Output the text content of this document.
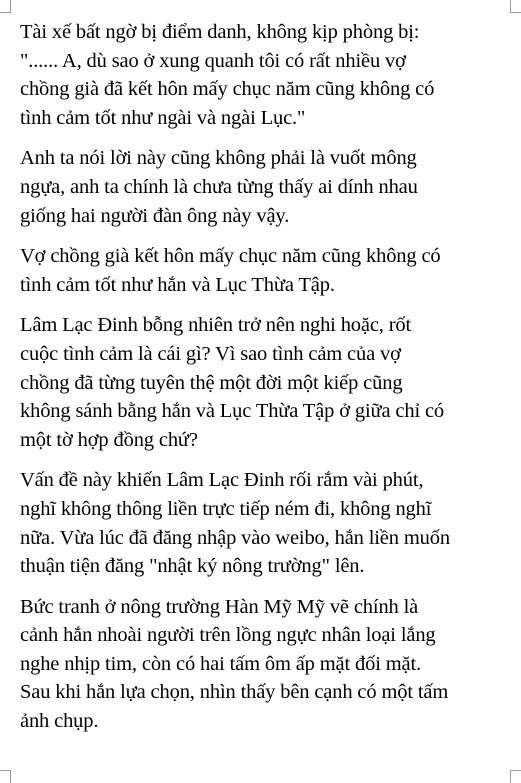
Tài xế bất ngờ bị điểm danh, không kịp phòng bị:
"...... A, dù sao ở xung quanh tôi có rất nhiều vợ
chồng già đã kết hôn mấy chục năm cũng không có
tình cảm tốt như ngài và ngài Lục."

Anh ta nói lời này cũng không phải là vuốt mông
ngựa, anh ta chính là chưa từng thấy ai dính nhau
giống hai người đàn ông này vậy.

Vợ chồng già kết hôn mấy chục năm cũng không có
tình cảm tốt như hắn và Lục Thừa Tập.

Lâm Lạc Đinh bỗng nhiên trở nên nghi hoặc, rốt
cuộc tình cảm là cái gì? Vì sao tình cảm của vợ
chồng đã từng tuyên thệ một đời một kiếp cũng
không sánh bằng hắn và Lục Thừa Tập ở giữa chỉ có
một tờ hợp đồng chứ?

Vấn đề này khiến Lâm Lạc Đinh rối rắm vài phút,
nghĩ không thông liền trực tiếp ném đi, không nghĩ
nữa. Vừa lúc đã đăng nhập vào weibo, hắn liền muốn
thuận tiện đăng "nhật ký nông trường" lên.

Bức tranh ở nông trường Hàn Mỹ Mỹ vẽ chính là
cảnh hắn nhoài người trên lồng ngực nhân loại lắng
nghe nhịp tim, còn có hai tấm ôm ấp mặt đối mặt.
Sau khi hắn lựa chọn, nhìn thấy bên cạnh có một tấm
ảnh chụp.
